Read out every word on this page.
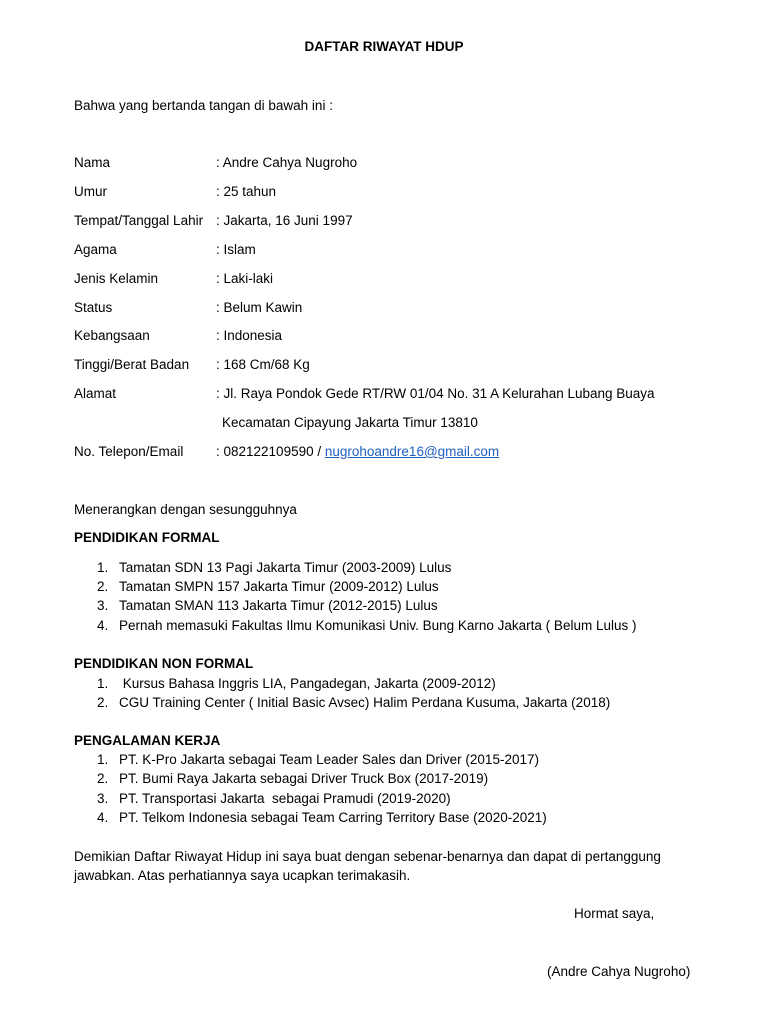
DAFTAR RIWAYAT HDUP
Bahwa yang bertanda tangan di bawah ini :
Nama	: Andre Cahya Nugroho
Umur	: 25 tahun
Tempat/Tanggal Lahir : Jakarta, 16 Juni 1997
Agama	: Islam
Jenis Kelamin	: Laki-laki
Status	: Belum Kawin
Kebangsaan	: Indonesia
Tinggi/Berat Badan : 168 Cm/68 Kg
Alamat	: Jl. Raya Pondok Gede RT/RW 01/04 No. 31 A Kelurahan Lubang Buaya
Kecamatan Cipayung Jakarta Timur 13810
No. Telepon/Email : 082122109590 / nugrohoandre16@gmail.com
Menerangkan dengan sesungguhnya
PENDIDIKAN FORMAL
1. Tamatan SDN 13 Pagi Jakarta Timur (2003-2009) Lulus
2. Tamatan SMPN 157 Jakarta Timur (2009-2012) Lulus
3. Tamatan SMAN 113 Jakarta Timur (2012-2015) Lulus
4. Pernah memasuki Fakultas Ilmu Komunikasi Univ. Bung Karno Jakarta ( Belum Lulus )
PENDIDIKAN NON FORMAL
1. Kursus Bahasa Inggris LIA, Pangadegan, Jakarta (2009-2012)
2. CGU Training Center ( Initial Basic Avsec) Halim Perdana Kusuma, Jakarta (2018)
PENGALAMAN KERJA
1. PT. K-Pro Jakarta sebagai Team Leader Sales dan Driver (2015-2017)
2. PT. Bumi Raya Jakarta sebagai Driver Truck Box (2017-2019)
3. PT. Transportasi Jakarta  sebagai Pramudi (2019-2020)
4. PT. Telkom Indonesia sebagai Team Carring Territory Base (2020-2021)
Demikian Daftar Riwayat Hidup ini saya buat dengan sebenar-benarnya dan dapat di pertanggung
jawabkan. Atas perhatiannya saya ucapkan terimakasih.
Hormat saya,
(Andre Cahya Nugroho)
